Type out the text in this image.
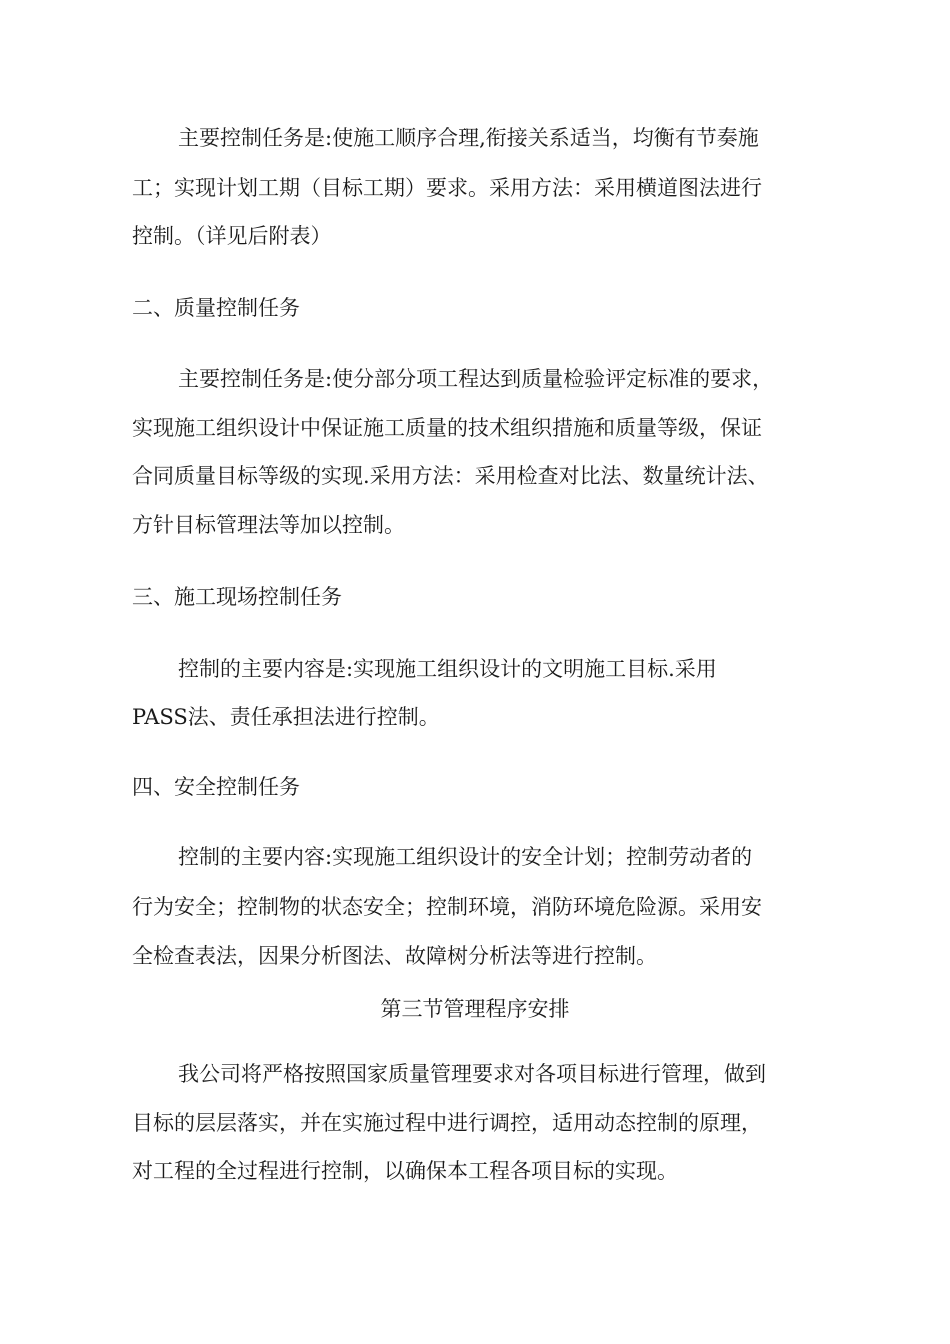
主要控制任务是:使施工顺序合理,衔接关系适当，均衡有节奏施
工；实现计划工期（目标工期）要求。采用方法：采用横道图法进行
控制。（详见后附表）
二、质量控制任务
主要控制任务是:使分部分项工程达到质量检验评定标准的要求，
实现施工组织设计中保证施工质量的技术组织措施和质量等级，保证
合同质量目标等级的实现.采用方法：采用检查对比法、数量统计法、
方针目标管理法等加以控制。
三、施工现场控制任务
控制的主要内容是:实现施工组织设计的文明施工目标.采用
PASS法、责任承担法进行控制。
四、安全控制任务
控制的主要内容:实现施工组织设计的安全计划；控制劳动者的
行为安全；控制物的状态安全；控制环境，消防环境危险源。采用安
全检查表法，因果分析图法、故障树分析法等进行控制。
第三节管理程序安排
我公司将严格按照国家质量管理要求对各项目标进行管理，做到
目标的层层落实，并在实施过程中进行调控，适用动态控制的原理，
对工程的全过程进行控制，以确保本工程各项目标的实现。
